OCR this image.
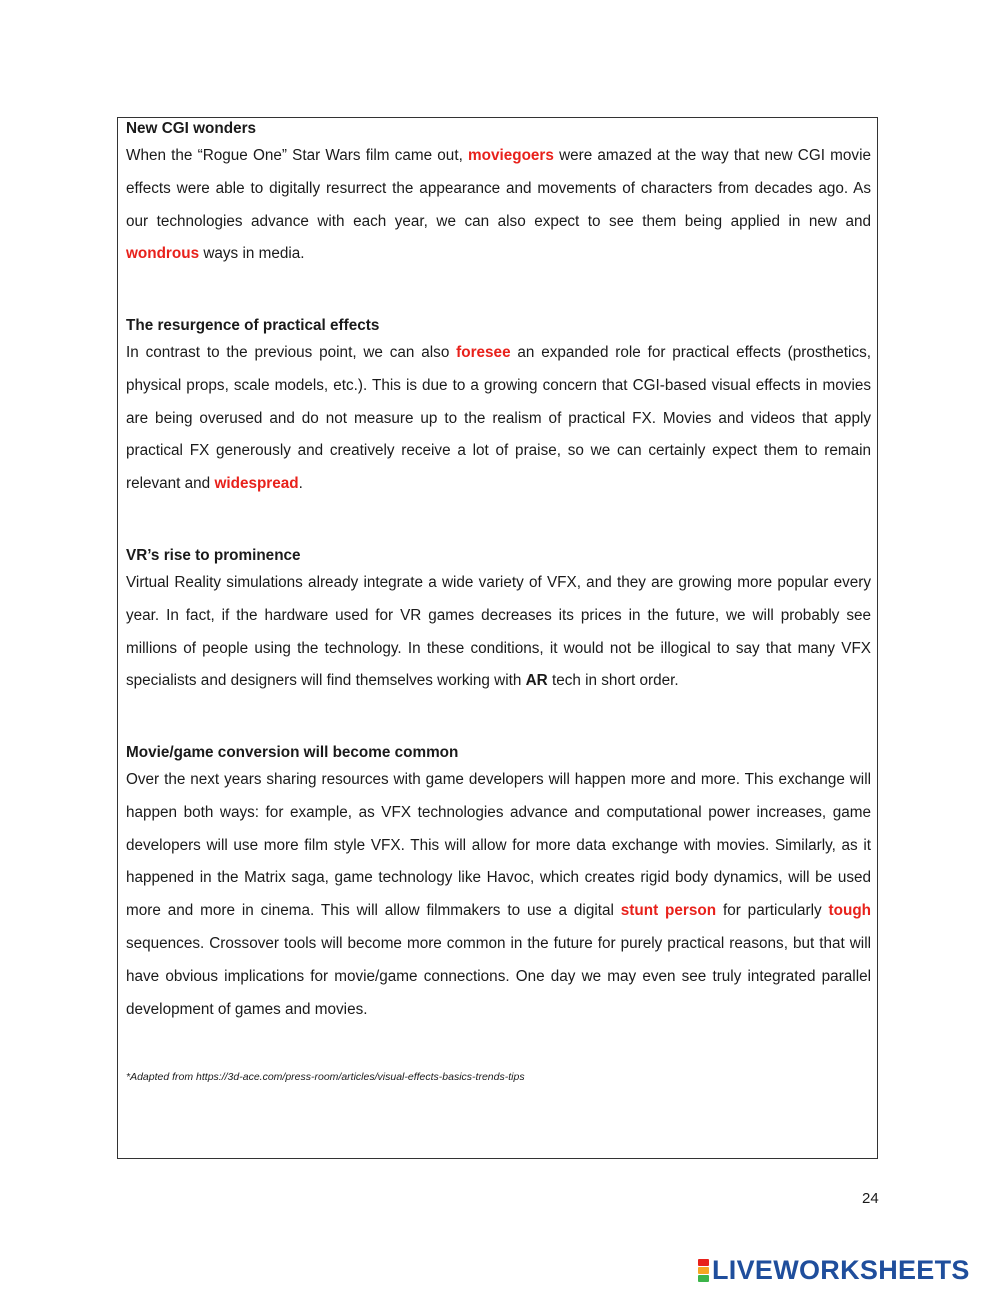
New CGI wonders

When the “Rogue One” Star Wars film came out, moviegoers were amazed at the way that new CGI movie effects were able to digitally resurrect the appearance and movements of characters from decades ago. As our technologies advance with each year, we can also expect to see them being applied in new and wondrous ways in media.

The resurgence of practical effects

In contrast to the previous point, we can also foresee an expanded role for practical effects (prosthetics, physical props, scale models, etc.). This is due to a growing concern that CGI-based visual effects in movies are being overused and do not measure up to the realism of practical FX. Movies and videos that apply practical FX generously and creatively receive a lot of praise, so we can certainly expect them to remain relevant and widespread.

VR’s rise to prominence

Virtual Reality simulations already integrate a wide variety of VFX, and they are growing more popular every year. In fact, if the hardware used for VR games decreases its prices in the future, we will probably see millions of people using the technology. In these conditions, it would not be illogical to say that many VFX specialists and designers will find themselves working with AR tech in short order.

Movie/game conversion will become common

Over the next years sharing resources with game developers will happen more and more. This exchange will happen both ways: for example, as VFX technologies advance and computational power increases, game developers will use more film style VFX. This will allow for more data exchange with movies. Similarly, as it happened in the Matrix saga, game technology like Havoc, which creates rigid body dynamics, will be used more and more in cinema. This will allow filmmakers to use a digital stunt person for particularly tough sequences. Crossover tools will become more common in the future for purely practical reasons, but that will have obvious implications for movie/game connections. One day we may even see truly integrated parallel development of games and movies.

*Adapted from https://3d-ace.com/press-room/articles/visual-effects-basics-trends-tips
24
LIVEWORKSHEETS
